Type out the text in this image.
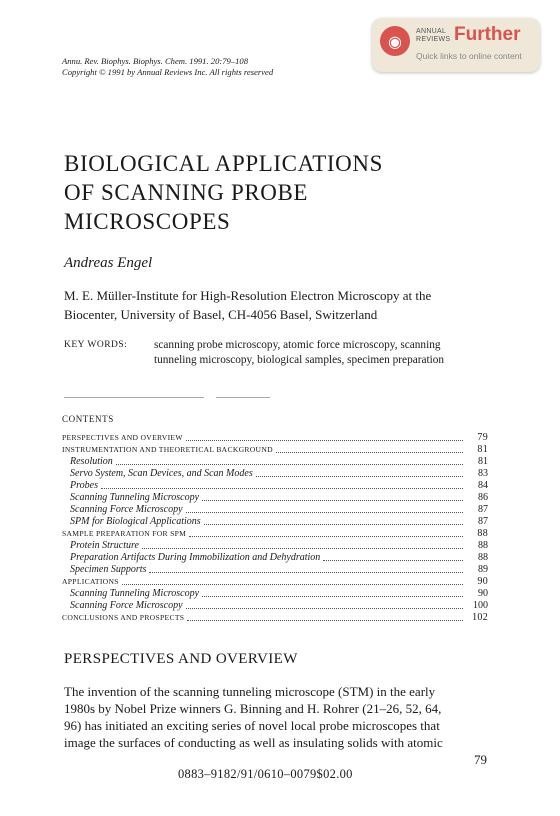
Annu. Rev. Biophys. Biophys. Chem. 1991. 20:79–108
Copyright © 1991 by Annual Reviews Inc. All rights reserved
◉	ANNUAL
REVIEWS Further
Quick links to online content
BIOLOGICAL APPLICATIONS
OF SCANNING PROBE
MICROSCOPES
Andreas Engel
M. E. Müller-Institute for High-Resolution Electron Microscopy at the
Biocenter, University of Basel, CH-4056 Basel, Switzerland
KEY WORDS: scanning probe microscopy, atomic force microscopy, scanning
tunneling microscopy, biological samples, specimen preparation
CONTENTS
PERSPECTIVES AND OVERVIEW	79
INSTRUMENTATION AND THEORETICAL BACKGROUND	81
Resolution	81
Servo System, Scan Devices, and Scan Modes	83
Probes	84
Scanning Tunneling Microscopy	86
Scanning Force Microscopy	87
SPM for Biological Applications	87
SAMPLE PREPARATION FOR SPM	88
Protein Structure	88
Preparation Artifacts During Immobilization and Dehydration	88
Specimen Supports	89
APPLICATIONS	90
Scanning Tunneling Microscopy	90
Scanning Force Microscopy	100
CONCLUSIONS AND PROSPECTS	102
PERSPECTIVES AND OVERVIEW
The invention of the scanning tunneling microscope (STM) in the early
1980s by Nobel Prize winners G. Binning and H. Rohrer (21–26, 52, 64,
96) has initiated an exciting series of novel local probe microscopes that
image the surfaces of conducting as well as insulating solids with atomic
79
0883–9182/91/0610–0079$02.00
